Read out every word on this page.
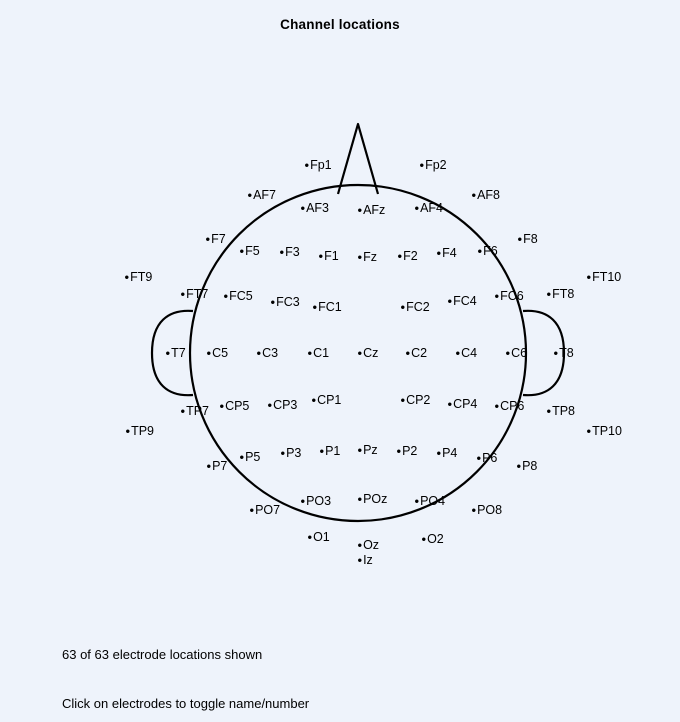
Channel locations
•Fp1	•Fp2
•AF7
•AF3 •AFz •AF4
•AF8
•F7
•F5 •F3 •F1 •Fz •F2 •F4 •F6
•F8
•FT9	•FT10
•FT7 •FC5 •FC3 •FC1	•FC2 •FC4 •FC6 •FT8
•T7 •C5 •C3 •C1 •Cz •C2 •C4 •C6 •T8
•TP9	•TP10
•TP7 •CP5 •CP3 •CP1	•CP2 •CP4 •CP6 •TP8
•P7
•P5 •P3 •P1 •Pz •P2 •P4 •P6
•P8
•PO7
•PO3 •POz •PO4
•PO8
•O1
•Oz	•O2
•Iz
63 of 63 electrode locations shown
Click on electrodes to toggle name/number
